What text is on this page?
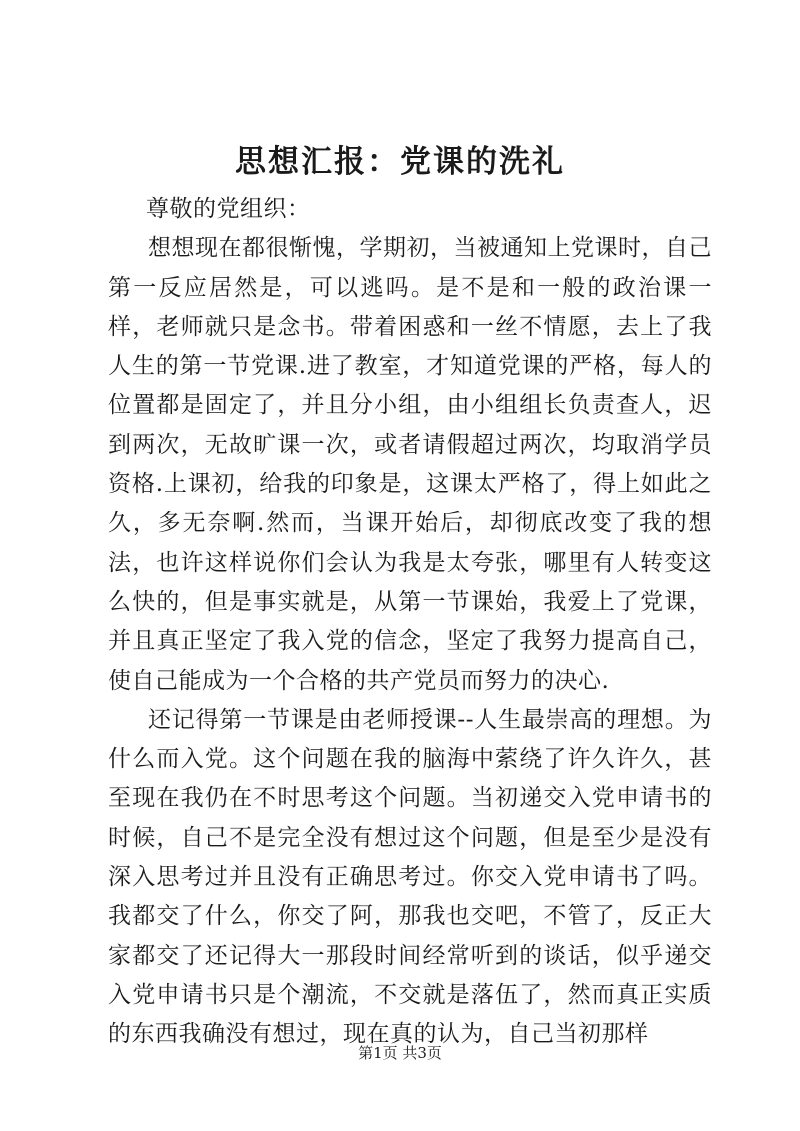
思想汇报：党课的洗礼

尊敬的党组织：

想想现在都很惭愧，学期初，当被通知上党课时，自己第一反应居然是，可以逃吗。是不是和一般的政治课一样，老师就只是念书。带着困惑和一丝不情愿，去上了我人生的第一节党课.进了教室，才知道党课的严格，每人的位置都是固定了，并且分小组，由小组组长负责查人，迟到两次，无故旷课一次，或者请假超过两次，均取消学员资格.上课初，给我的印象是，这课太严格了，得上如此之久，多无奈啊.然而，当课开始后，却彻底改变了我的想法，也许这样说你们会认为我是太夸张，哪里有人转变这么快的，但是事实就是，从第一节课始，我爱上了党课，并且真正坚定了我入党的信念，坚定了我努力提高自己，使自己能成为一个合格的共产党员而努力的决心.

还记得第一节课是由老师授课--人生最崇高的理想。为什么而入党。这个问题在我的脑海中萦绕了许久许久，甚至现在我仍在不时思考这个问题。当初递交入党申请书的时候，自己不是完全没有想过这个问题，但是至少是没有深入思考过并且没有正确思考过。你交入党申请书了吗。我都交了什么，你交了阿，那我也交吧，不管了，反正大家都交了还记得大一那段时间经常听到的谈话，似乎递交入党申请书只是个潮流，不交就是落伍了，然而真正实质的东西我确没有想过，现在真的认为，自己当初那样

第1页 共3页
